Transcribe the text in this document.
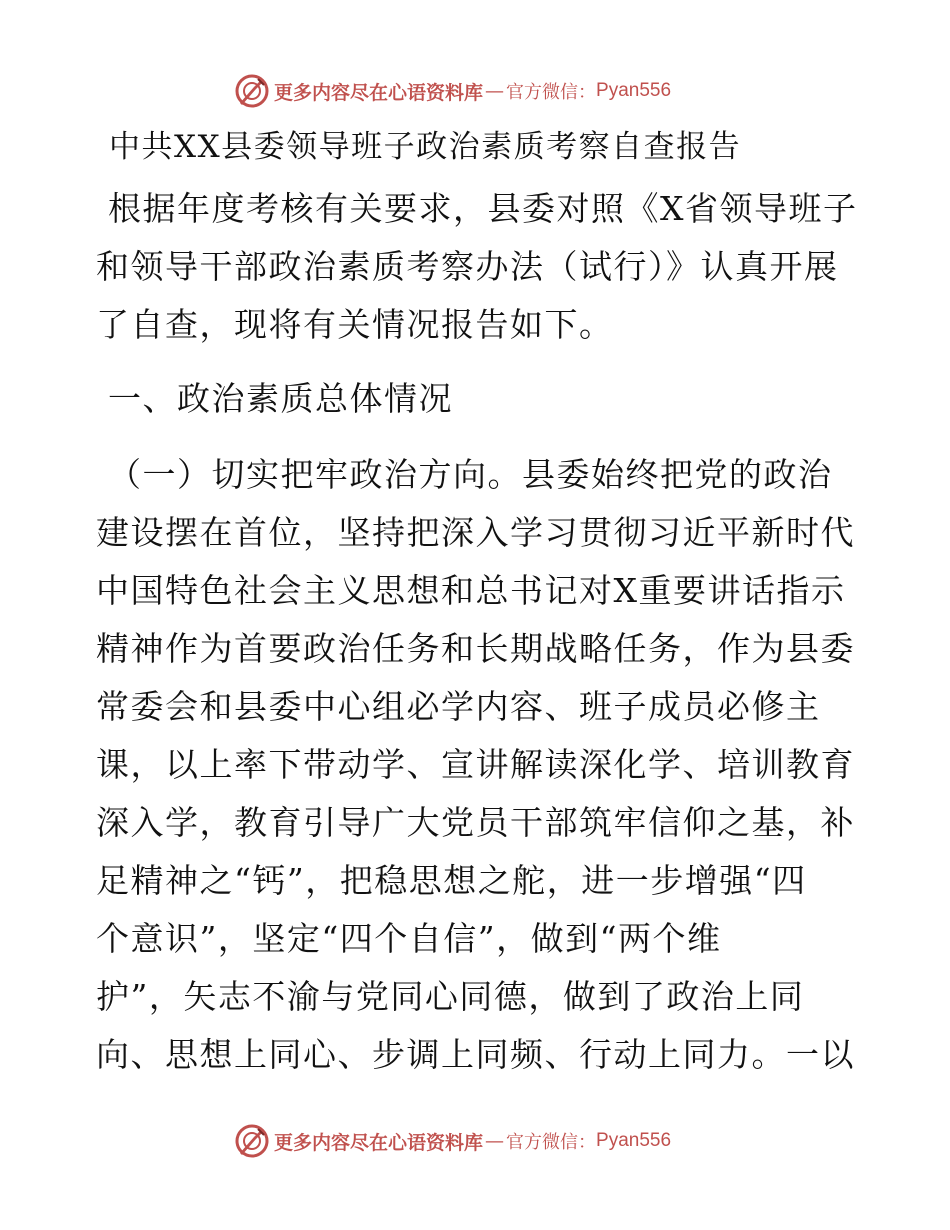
更多内容尽在心语资料库 — 官方微信： Pyan556
中共XX县委领导班子政治素质考察自查报告
根据年度考核有关要求，县委对照《X省领导班子
和领导干部政治素质考察办法（试行）》认真开展
了自查，现将有关情况报告如下。
一、政治素质总体情况
（一）切实把牢政治方向。县委始终把党的政治
建设摆在首位，坚持把深入学习贯彻习近平新时代
中国特色社会主义思想和总书记对X重要讲话指示
精神作为首要政治任务和长期战略任务，作为县委
常委会和县委中心组必学内容、班子成员必修主
课，以上率下带动学、宣讲解读深化学、培训教育
深入学，教育引导广大党员干部筑牢信仰之基，补
足精神之“钙”，把稳思想之舵，进一步增强“四
个意识”，坚定“四个自信”，做到“两个维
护”，矢志不渝与党同心同德，做到了政治上同
向、思想上同心、步调上同频、行动上同力。一以
更多内容尽在心语资料库 — 官方微信： Pyan556
